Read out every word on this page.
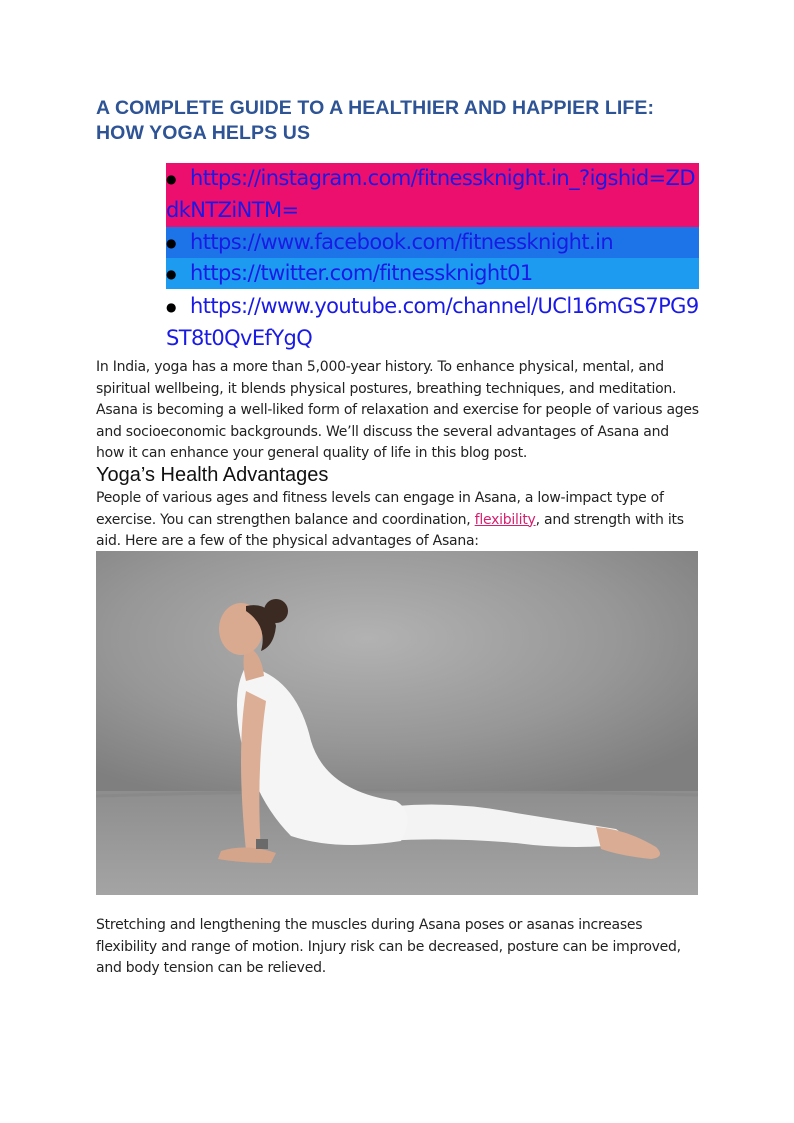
A COMPLETE GUIDE TO A HEALTHIER AND HAPPIER LIFE: HOW YOGA HELPS US
● https://instagram.com/fitnessknight.in_?igshid=ZDdkNTZiNTM=
● https://www.facebook.com/fitnessknight.in
● https://twitter.com/fitnessknight01
● https://www.youtube.com/channel/UCl16mGS7PG9ST8t0QvEfYgQ

In India, yoga has a more than 5,000-year history. To enhance physical, mental, and spiritual wellbeing, it blends physical postures, breathing techniques, and meditation. Asana is becoming a well-liked form of relaxation and exercise for people of various ages and socioeconomic backgrounds. We’ll discuss the several advantages of Asana and how it can enhance your general quality of life in this blog post.

Yoga’s Health Advantages

People of various ages and fitness levels can engage in Asana, a low-impact type of exercise. You can strengthen balance and coordination, flexibility, and strength with its aid. Here are a few of the physical advantages of Asana:

Stretching and lengthening the muscles during Asana poses or asanas increases flexibility and range of motion. Injury risk can be decreased, posture can be improved, and body tension can be relieved.
